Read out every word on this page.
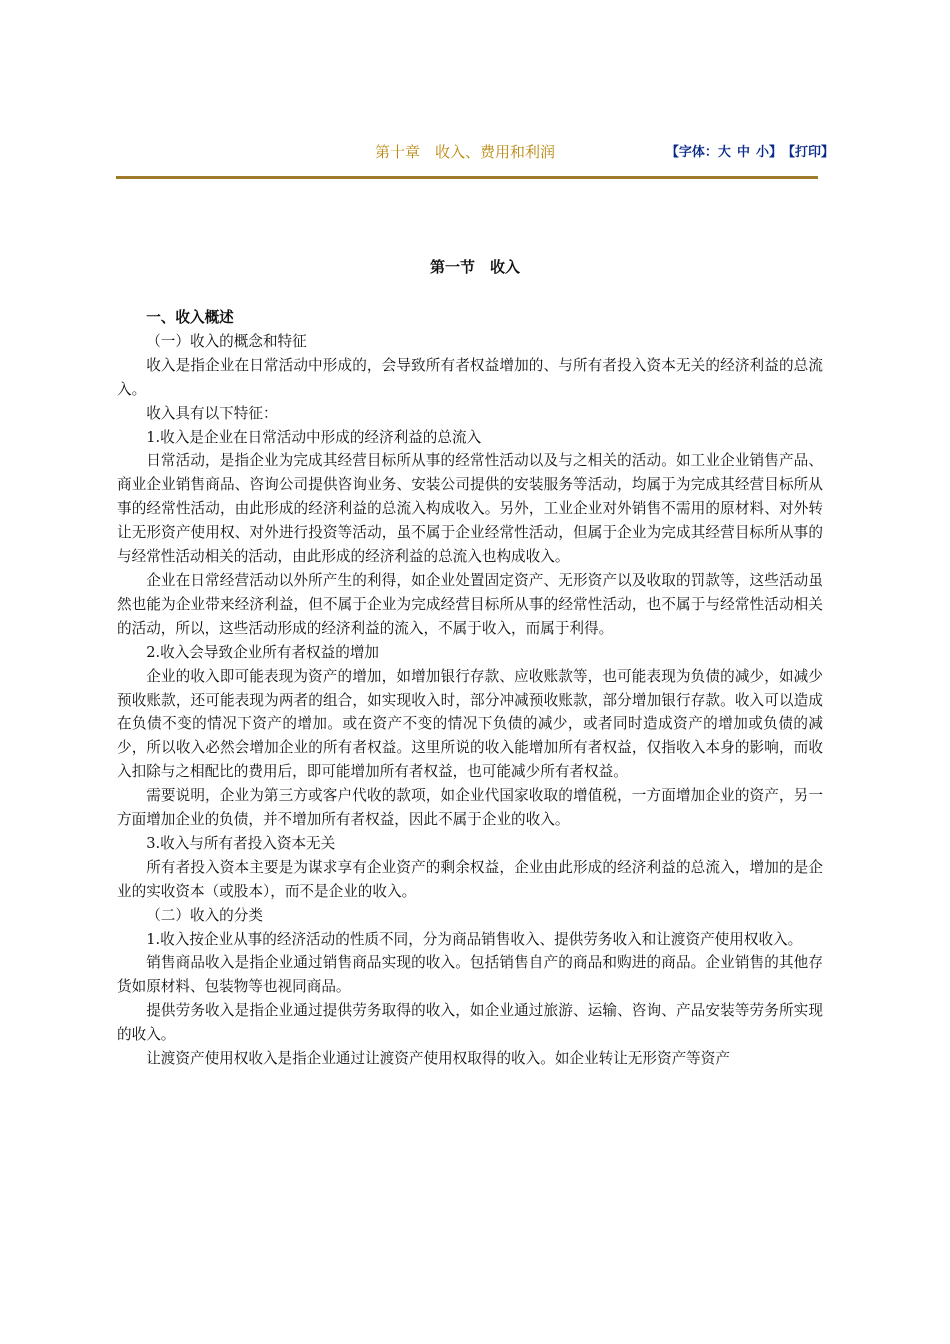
第十章　收入、费用和利润	【字体：大 中 小】【打印】
第一节　收入

一、收入概述

（一）收入的概念和特征

收入是指企业在日常活动中形成的，会导致所有者权益增加的、与所有者投入资本无关的经济利益的总流入。

收入具有以下特征：

1.收入是企业在日常活动中形成的经济利益的总流入

日常活动，是指企业为完成其经营目标所从事的经常性活动以及与之相关的活动。如工业企业销售产品、商业企业销售商品、咨询公司提供咨询业务、安装公司提供的安装服务等活动，均属于为完成其经营目标所从事的经常性活动，由此形成的经济利益的总流入构成收入。另外，工业企业对外销售不需用的原材料、对外转让无形资产使用权、对外进行投资等活动，虽不属于企业经常性活动，但属于企业为完成其经营目标所从事的与经常性活动相关的活动，由此形成的经济利益的总流入也构成收入。

企业在日常经营活动以外所产生的利得，如企业处置固定资产、无形资产以及收取的罚款等，这些活动虽然也能为企业带来经济利益，但不属于企业为完成经营目标所从事的经常性活动，也不属于与经常性活动相关的活动，所以，这些活动形成的经济利益的流入，不属于收入，而属于利得。

2.收入会导致企业所有者权益的增加

企业的收入即可能表现为资产的增加，如增加银行存款、应收账款等，也可能表现为负债的减少，如减少预收账款，还可能表现为两者的组合，如实现收入时，部分冲减预收账款，部分增加银行存款。收入可以造成在负债不变的情况下资产的增加。或在资产不变的情况下负债的减少，或者同时造成资产的增加或负债的减少，所以收入必然会增加企业的所有者权益。这里所说的收入能增加所有者权益，仅指收入本身的影响，而收入扣除与之相配比的费用后，即可能增加所有者权益，也可能减少所有者权益。

需要说明，企业为第三方或客户代收的款项，如企业代国家收取的增值税，一方面增加企业的资产，另一方面增加企业的负债，并不增加所有者权益，因此不属于企业的收入。

3.收入与所有者投入资本无关

所有者投入资本主要是为谋求享有企业资产的剩余权益，企业由此形成的经济利益的总流入，增加的是企业的实收资本（或股本），而不是企业的收入。

（二）收入的分类

1.收入按企业从事的经济活动的性质不同，分为商品销售收入、提供劳务收入和让渡资产使用权收入。

销售商品收入是指企业通过销售商品实现的收入。包括销售自产的商品和购进的商品。企业销售的其他存货如原材料、包装物等也视同商品。

提供劳务收入是指企业通过提供劳务取得的收入，如企业通过旅游、运输、咨询、产品安装等劳务所实现的收入。

让渡资产使用权收入是指企业通过让渡资产使用权取得的收入。如企业转让无形资产等资产
